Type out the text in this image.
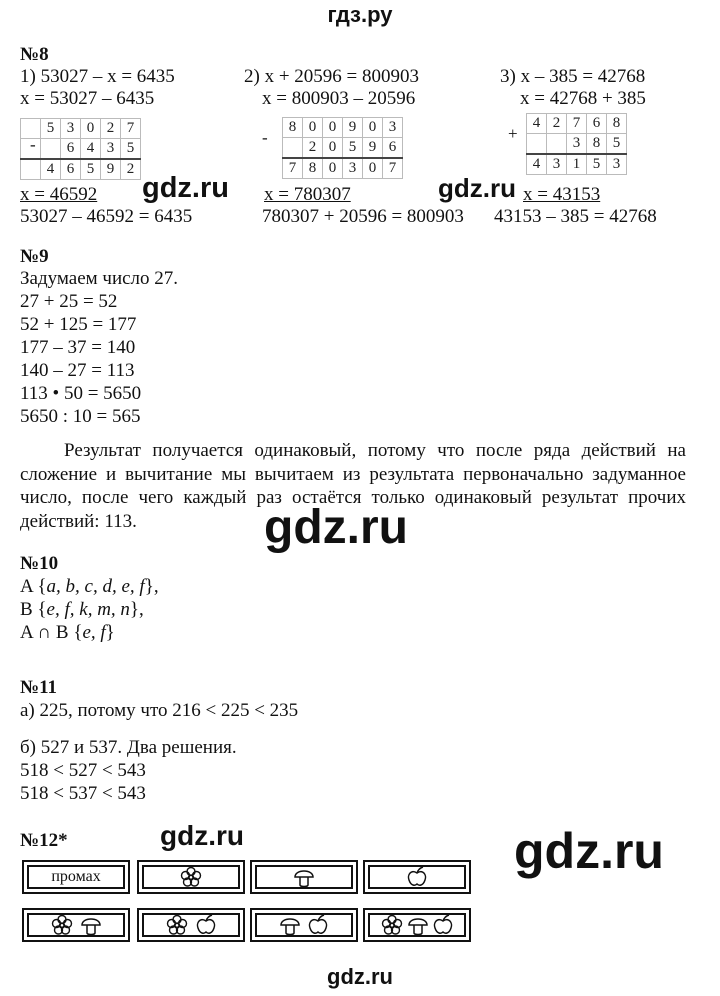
гдз.ру
№8
1) 53027 – x = 6435
x = 53027 – 6435
2) x + 20596 = 800903
x = 800903 – 20596
3) x – 385 = 42768
x = 42768 + 385
-
	5	3	0	2	7
		6	4	3	5
	4	6	5	9	2
-
8	0	0	9	0	3
	2	0	5	9	6
7	8	0	3	0	7
+
4	2	7	6	8
		3	8	5
4	3	1	5	3
x = 46592
53027 – 46592 = 6435
x = 780307
780307 + 20596 = 800903
x = 43153
43153 – 385 = 42768
gdz.ru	gdz.ru
№9
Задумаем число 27.
27 + 25 = 52
52 + 125 = 177
177 – 37 = 140
140 – 27 = 113
113 • 50 = 5650
5650 : 10 = 565
Результат получается одинаковый, потому что после ряда действий на сложение и вычитание мы вычитаем из результата первоначально задуманное число, после чего каждый раз остаётся только одинаковый результат прочих действий: 113.	gdz.ru
№10
A {a, b, c, d, e, f},
B {e, f, k, m, n},
A ∩ B {e, f}
№11
а) 225, потому что 216 < 225 < 235
б) 527 и 537. Два решения.
518 < 527 < 543
518 < 537 < 543
№12*	gdz.ru	gdz.ru
промах
gdz.ru
